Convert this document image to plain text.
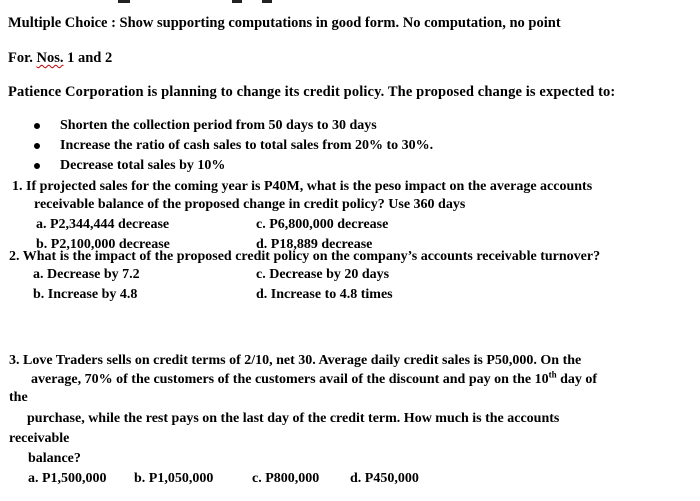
Multiple Choice : Show supporting computations in good form. No computation, no point
For. Nos. 1 and 2
Patience Corporation is planning to change its credit policy. The proposed change is expected to:
Shorten the collection period from 50 days to 30 days
Increase the ratio of cash sales to total sales from 20% to 30%.
Decrease total sales by 10%
1. If projected sales for the coming year is P40M, what is the peso impact on the average accounts
receivable balance of the proposed change in credit policy? Use 360 days
a. P2,344,444 decrease	c. P6,800,000 decrease
b. P2,100,000 decrease	d. P18,889 decrease
2. What is the impact of the proposed credit policy on the company’s accounts receivable turnover?
a. Decrease by 7.2	c. Decrease by 20 days
b. Increase by 4.8	d. Increase to 4.8 times
3. Love Traders sells on credit terms of 2/10, net 30. Average daily credit sales is P50,000. On the
average, 70% of the customers of the customers avail of the discount and pay on the 10th day of
the
purchase, while the rest pays on the last day of the credit term. How much is the accounts
receivable
balance?
a. P1,500,000 b. P1,050,000	c. P800,000 d. P450,000
